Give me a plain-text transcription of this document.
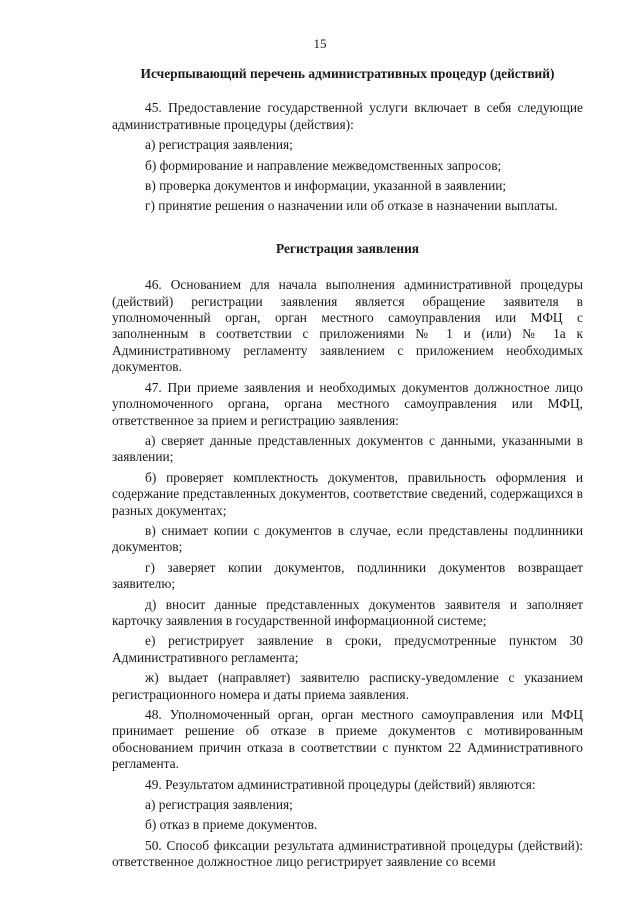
15

Исчерпывающий перечень административных процедур (действий)

45. Предоставление государственной услуги включает в себя следующие административные процедуры (действия):

а) регистрация заявления;

б) формирование и направление межведомственных запросов;

в) проверка документов и информации, указанной в заявлении;

г) принятие решения о назначении или об отказе в назначении выплаты.

Регистрация заявления

46. Основанием для начала выполнения административной процедуры (действий) регистрации заявления является обращение заявителя в уполномоченный орган, орган местного самоуправления или МФЦ с заполненным в соответствии с приложениями № 1 и (или) № 1а к Административному регламенту заявлением с приложением необходимых документов.

47. При приеме заявления и необходимых документов должностное лицо уполномоченного органа, органа местного самоуправления или МФЦ, ответственное за прием и регистрацию заявления:

а) сверяет данные представленных документов с данными, указанными в заявлении;

б) проверяет комплектность документов, правильность оформления и содержание представленных документов, соответствие сведений, содержащихся в разных документах;

в) снимает копии с документов в случае, если представлены подлинники документов;

г) заверяет копии документов, подлинники документов возвращает заявителю;

д) вносит данные представленных документов заявителя и заполняет карточку заявления в государственной информационной системе;

е) регистрирует заявление в сроки, предусмотренные пунктом 30 Административного регламента;

ж) выдает (направляет) заявителю расписку-уведомление с указанием регистрационного номера и даты приема заявления.

48. Уполномоченный орган, орган местного самоуправления или МФЦ принимает решение об отказе в приеме документов с мотивированным обоснованием причин отказа в соответствии с пунктом 22 Административного регламента.

49. Результатом административной процедуры (действий) являются:

а) регистрация заявления;

б) отказ в приеме документов.

50. Способ фиксации результата административной процедуры (действий): ответственное должностное лицо регистрирует заявление со всеми
